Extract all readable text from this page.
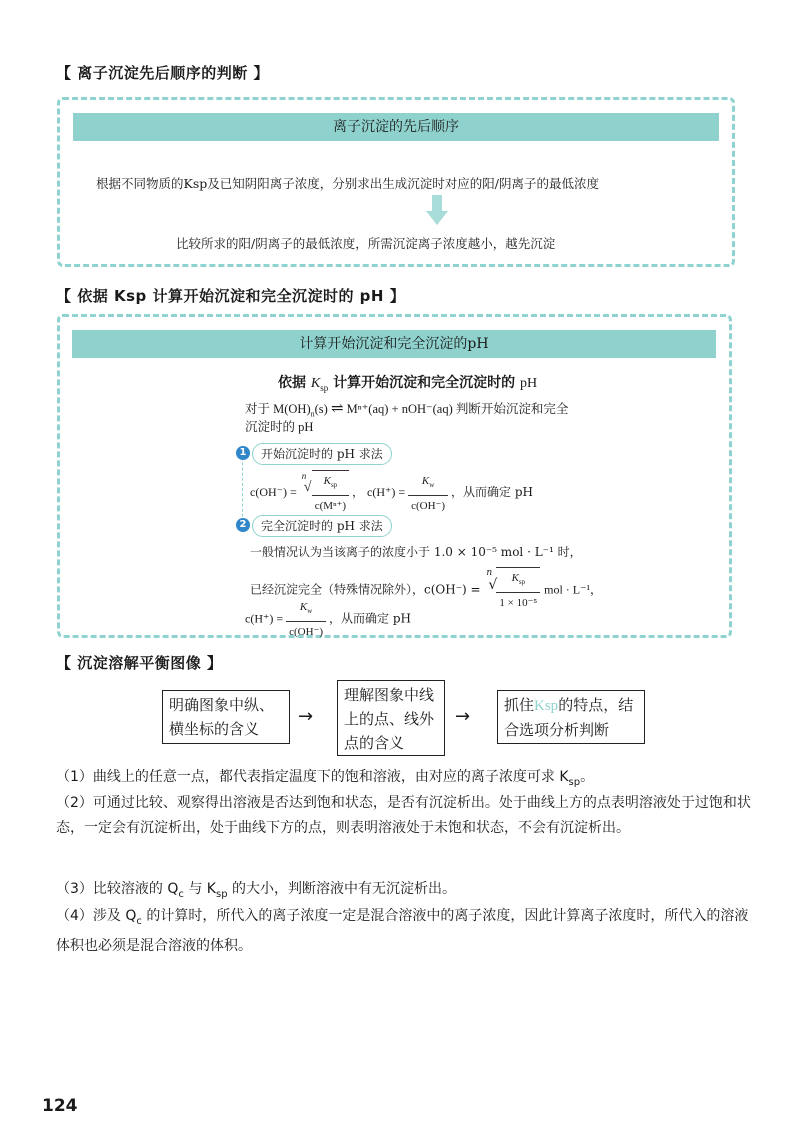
【 离子沉淀先后顺序的判断 】
离子沉淀的先后顺序
根据不同物质的Ksp及已知阴阳离子浓度，分别求出生成沉淀时对应的阳/阴离子的最低浓度
比较所求的阳/阴离子的最低浓度，所需沉淀离子浓度越小，越先沉淀
【 依据 Ksp 计算开始沉淀和完全沉淀时的 pH 】
计算开始沉淀和完全沉淀的pH
依据 $K_{sp}$ 计算开始沉淀和完全沉淀时的 pH
对于 $M(OH)_n(s)$ ⇌ Mⁿ⁺(aq) + nOH⁻(aq) 判断开始沉淀和完全
沉淀时的 pH
1	开始沉淀时的 pH 求法
c(OH⁻) =
n
√ $\frac{K_{sp}}{\text{c(Mⁿ⁺)}}$ ， $c(H^+) = \frac{K_w}{c(OH^-)}$ ，从而确定 pH
2	完全沉淀时的 pH 求法
一般情况认为当该离子的浓度小于 1.0 × 10⁻⁵ mol · L⁻¹ 时，
已经沉淀完全（特殊情况除外），c(OH⁻) =
n
√ $\frac{K_{sp}}{\text{1 × 10⁻⁵}}$ mol · L⁻¹，
$c(H^+) = \frac{K_w}{c(OH^-)}$ ，从而确定 pH
【 沉淀溶解平衡图像 】
明确图象中纵、横坐标的含义
→
理解图象中线上的点、线外点的含义
→
抓住Ksp的特点，结合选项分析判断
（1）曲线上的任意一点，都代表指定温度下的饱和溶液，由对应的离子浓度可求 $K_{sp}$。
（2）可通过比较、观察得出溶液是否达到饱和状态，是否有沉淀析出。处于曲线上方的点表明溶液处于过饱和状态，一定会有沉淀析出，处于曲线下方的点，则表明溶液处于未饱和状态，不会有沉淀析出。
（3）比较溶液的 $Q_c$ 与 $K_{sp}$ 的大小，判断溶液中有无沉淀析出。
（4）涉及 $Q_c$ 的计算时，所代入的离子浓度一定是混合溶液中的离子浓度，因此计算离子浓度时，所代入的溶液体积也必须是混合溶液的体积。
124
